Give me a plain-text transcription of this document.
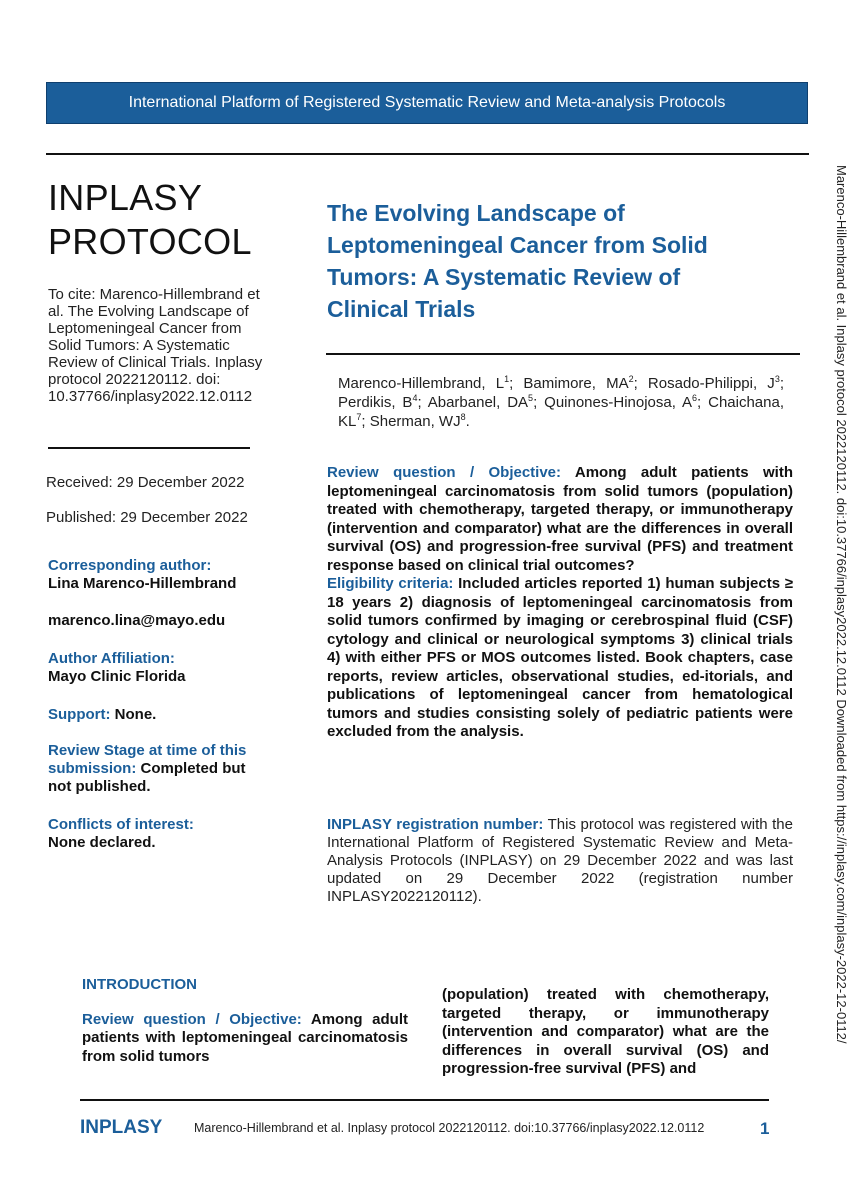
International Platform of Registered Systematic Review and Meta-analysis Protocols
INPLASY
PROTOCOL
To cite: Marenco-Hillembrand et al. The Evolving Landscape of Leptomeningeal Cancer from Solid Tumors: A Systematic Review of Clinical Trials. Inplasy protocol 2022120112. doi: 10.37766/inplasy2022.12.0112
Received: 29 December 2022
Published: 29 December 2022
Corresponding author:
Lina Marenco-Hillembrand
marenco.lina@mayo.edu
Author Affiliation:
Mayo Clinic Florida
Support: None.
Review Stage at time of this submission: Completed but not published.
Conflicts of interest:
None declared.
The Evolving Landscape of Leptomeningeal Cancer from Solid Tumors: A Systematic Review of Clinical Trials
Marenco-Hillembrand, $L^1$; Bamimore, $MA^2$; Rosado-Philippi, $J^3$; Perdikis, $B^4$; Abarbanel, $DA^5$; Quinones-Hinojosa, $A^6$; Chaichana, $KL^7$; Sherman, $WJ^8$.
Review question / Objective: Among adult patients with leptomeningeal carcinomatosis from solid tumors (population) treated with chemotherapy, targeted therapy, or immunotherapy (intervention and comparator) what are the differences in overall survival (OS) and progression-free survival (PFS) and treatment response based on clinical trial outcomes?
Eligibility criteria: Included articles reported 1) human subjects ≥ 18 years 2) diagnosis of leptomeningeal carcinomatosis from solid tumors confirmed by imaging or cerebrospinal fluid (CSF) cytology and clinical or neurological symptoms 3) clinical trials 4) with either PFS or MOS outcomes listed. Book chapters, case reports, review articles, observational studies, ed-itorials, and publications of leptomeningeal cancer from hematological tumors and studies consisting solely of pediatric patients were excluded from the analysis.
INPLASY registration number: This protocol was registered with the International Platform of Registered Systematic Review and Meta-Analysis Protocols (INPLASY) on 29 December 2022 and was last updated on 29 December 2022 (registration number INPLASY2022120112).
INTRODUCTION
Review question / Objective: Among adult patients with leptomeningeal carcinomatosis from solid tumors
(population) treated with chemotherapy, targeted therapy, or immunotherapy (intervention and comparator) what are the differences in overall survival (OS) and progression-free survival (PFS) and
INPLASY	Marenco-Hillembrand et al. Inplasy protocol 2022120112. doi:10.37766/inplasy2022.12.0112	1
Marenco-Hillembrand et al. Inplasy protocol 2022120112. doi:10.37766/inplasy2022.12.0112 Downloaded from https://inplasy.com/inplasy-2022-12-0112/
